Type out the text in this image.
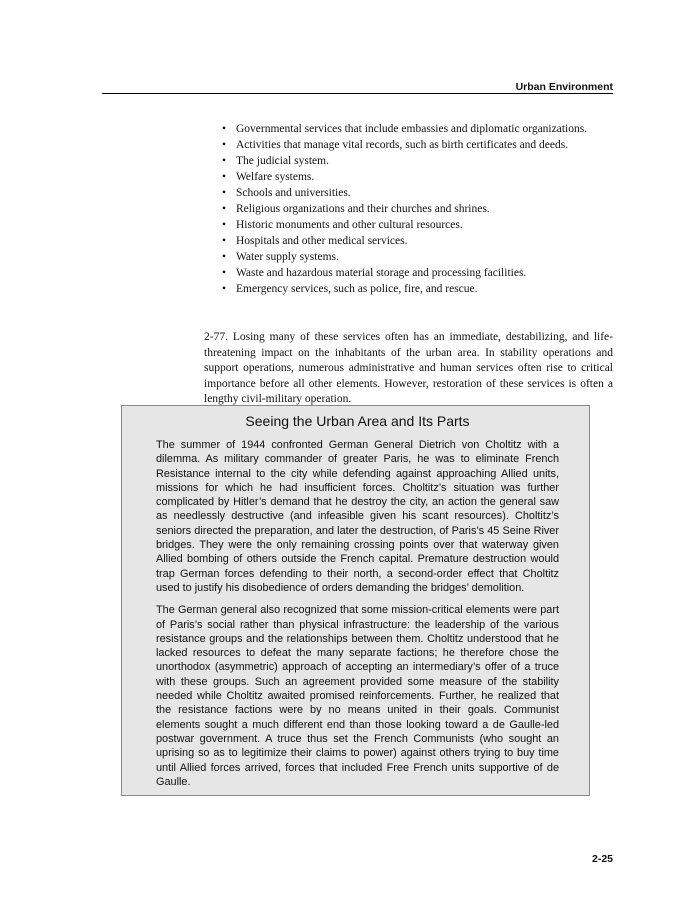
Urban Environment
• Governmental services that include embassies and diplomatic organizations.
• Activities that manage vital records, such as birth certificates and deeds.
• The judicial system.
• Welfare systems.
• Schools and universities.
• Religious organizations and their churches and shrines.
• Historic monuments and other cultural resources.
• Hospitals and other medical services.
• Water supply systems.
• Waste and hazardous material storage and processing facilities.
• Emergency services, such as police, fire, and rescue.

2-77. Losing many of these services often has an immediate, destabilizing, and life-threatening impact on the inhabitants of the urban area. In stability operations and support operations, numerous administrative and human services often rise to critical importance before all other elements. However, restoration of these services is often a lengthy civil-military operation.

Seeing the Urban Area and Its Parts

The summer of 1944 confronted German General Dietrich von Choltitz with a dilemma. As military commander of greater Paris, he was to eliminate French Resistance internal to the city while defending against approaching Allied units, missions for which he had insufficient forces. Choltitz’s situation was further complicated by Hitler’s demand that he destroy the city, an action the general saw as needlessly destructive (and infeasible given his scant resources). Choltitz’s seniors directed the preparation, and later the destruction, of Paris’s 45 Seine River bridges. They were the only remaining crossing points over that waterway given Allied bombing of others outside the French capital. Premature destruction would trap German forces defending to their north, a second-order effect that Choltitz used to justify his disobedience of orders demanding the bridges’ demolition.

The German general also recognized that some mission-critical elements were part of Paris’s social rather than physical infrastructure: the leadership of the various resistance groups and the relationships between them. Choltitz understood that he lacked resources to defeat the many separate factions; he therefore chose the unorthodox (asymmetric) approach of accepting an intermediary’s offer of a truce with these groups. Such an agreement provided some measure of the stability needed while Choltitz awaited promised reinforcements. Further, he realized that the resistance factions were by no means united in their goals. Communist elements sought a much different end than those looking toward a de Gaulle-led postwar government. A truce thus set the French Communists (who sought an uprising so as to legitimize their claims to power) against others trying to buy time until Allied forces arrived, forces that included Free French units supportive of de Gaulle.

2-25
